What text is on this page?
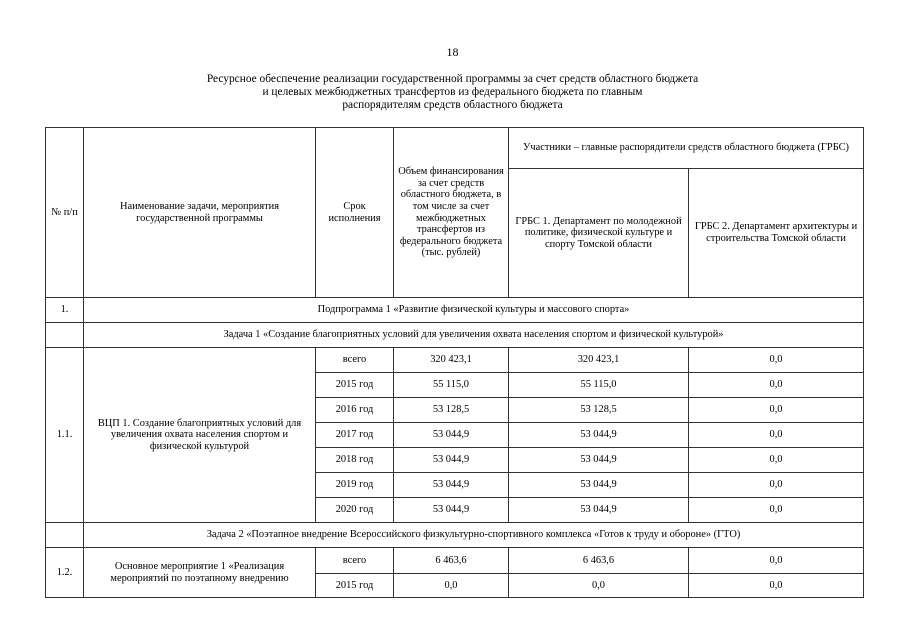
18
Ресурсное обеспечение реализации государственной программы за счет средств областного бюджета
и целевых межбюджетных трансфертов из федерального бюджета по главным
распорядителям средств областного бюджета
№ п/п	Наименование задачи, мероприятия государственной программы	Срок исполнения	Объем финансирования за счет средств областного бюджета, в том числе за счет межбюджетных трансфертов из федерального бюджета (тыс. рублей)	Участники – главные распорядители средств областного бюджета (ГРБС)	
				ГРБС 1. Департамент по молодежной политике, физической культуре и спорту Томской области	ГРБС 2. Департамент архитектуры и строительства Томской области
1.	Подпрограмма 1 «Развитие физической культуры и массового спорта»				
	Задача 1 «Создание благоприятных условий для увеличения охвата населения спортом и физической культурой»				
1.1.	ВЦП 1. Создание благоприятных условий для увеличения охвата населения спортом и физической культурой	всего	320 423,1	320 423,1	0,0
		2015 год	55 115,0	55 115,0	0,0
		2016 год	53 128,5	53 128,5	0,0
		2017 год	53 044,9	53 044,9	0,0
		2018 год	53 044,9	53 044,9	0,0
		2019 год	53 044,9	53 044,9	0,0
		2020 год	53 044,9	53 044,9	0,0
	Задача 2 «Поэтапное внедрение Всероссийского физкультурно-спортивного комплекса «Готов к труду и обороне» (ГТО)				
1.2.	Основное мероприятие 1 «Реализация мероприятий по поэтапному внедрению	всего	6 463,6	6 463,6	0,0
		2015 год	0,0	0,0	0,0
